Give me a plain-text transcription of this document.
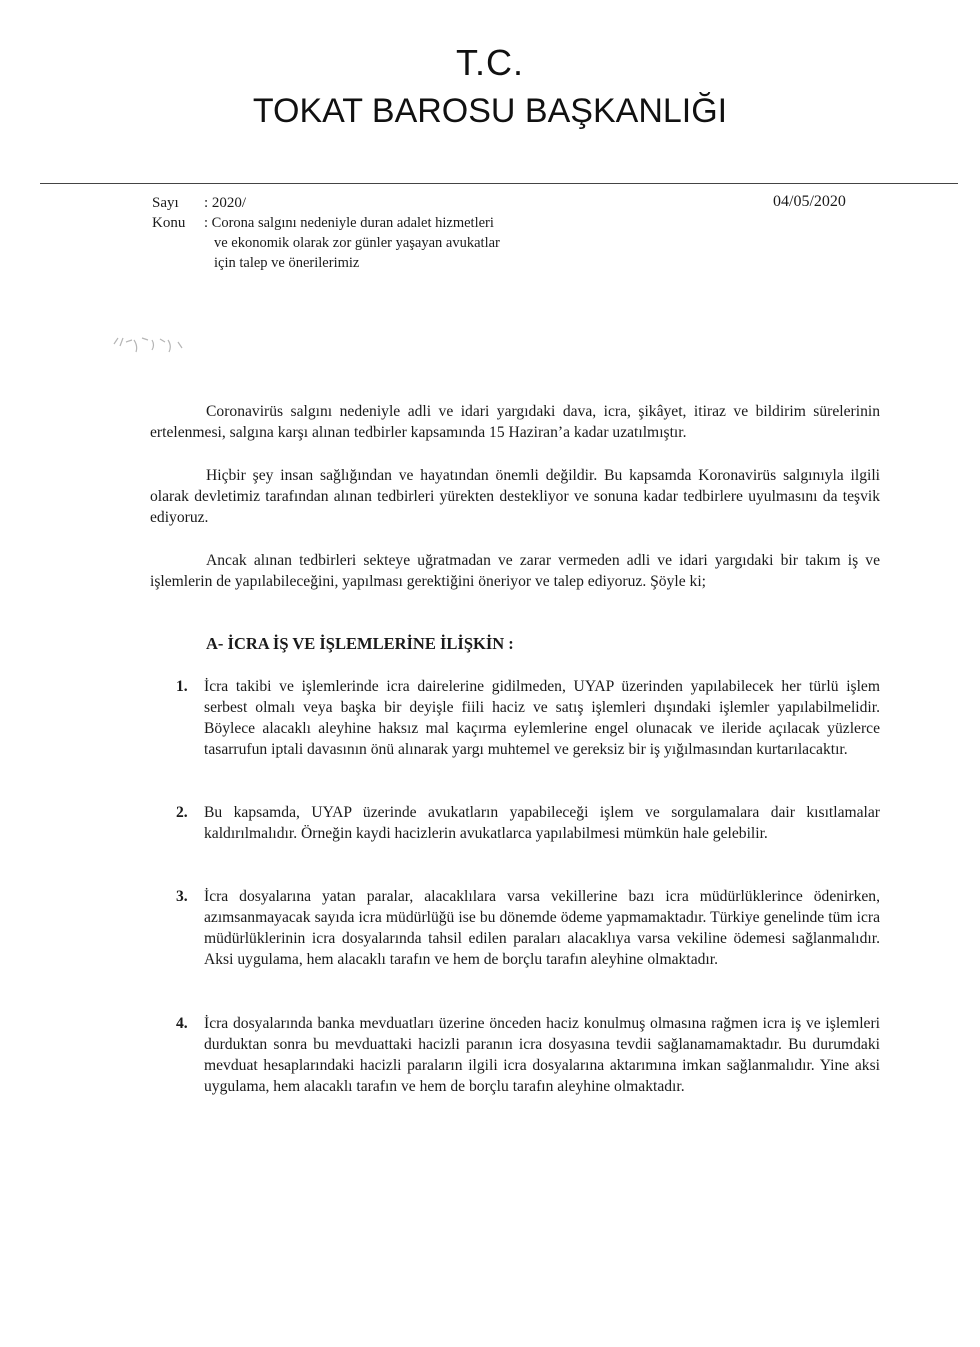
T.C.
TOKAT BAROSU BAŞKANLIĞI
Sayı	: 2020/
Konu	: Corona salgını nedeniyle duran adalet hizmetleri
ve ekonomik olarak zor günler yaşayan avukatlar
için talep ve önerilerimiz
04/05/2020
Coronavirüs salgını nedeniyle adli ve idari yargıdaki dava, icra, şikâyet, itiraz ve bildirim sürelerinin ertelenmesi, salgına karşı alınan tedbirler kapsamında 15 Haziran’a kadar uzatılmıştır.
Hiçbir şey insan sağlığından ve hayatından önemli değildir. Bu kapsamda Koronavirüs salgınıyla ilgili olarak devletimiz tarafından alınan tedbirleri yürekten destekliyor ve sonuna kadar tedbirlere uyulmasını da teşvik ediyoruz.
Ancak alınan tedbirleri sekteye uğratmadan ve zarar vermeden adli ve idari yargıdaki bir takım iş ve işlemlerin de yapılabileceğini, yapılması gerektiğini öneriyor ve talep ediyoruz. Şöyle ki;
A- İCRA İŞ VE İŞLEMLERİNE İLİŞKİN :
1.	İcra takibi ve işlemlerinde icra dairelerine gidilmeden, UYAP üzerinden yapılabilecek her türlü işlem serbest olmalı veya başka bir deyişle fiili haciz ve satış işlemleri dışındaki işlemler yapılabilmelidir. Böylece alacaklı aleyhine haksız mal kaçırma eylemlerine engel olunacak ve ileride açılacak yüzlerce tasarrufun iptali davasının önü alınarak yargı muhtemel ve gereksiz bir iş yığılmasından kurtarılacaktır.
2.	Bu kapsamda, UYAP üzerinde avukatların yapabileceği işlem ve sorgulamalara dair kısıtlamalar kaldırılmalıdır. Örneğin kaydi hacizlerin avukatlarca yapılabilmesi mümkün hale gelebilir.
3.	İcra dosyalarına yatan paralar, alacaklılara varsa vekillerine bazı icra müdürlüklerince ödenirken, azımsanmayacak sayıda icra müdürlüğü ise bu dönemde ödeme yapmamaktadır. Türkiye genelinde tüm icra müdürlüklerinin icra dosyalarında tahsil edilen paraları alacaklıya varsa vekiline ödemesi sağlanmalıdır. Aksi uygulama, hem alacaklı tarafın ve hem de borçlu tarafın aleyhine olmaktadır.
4.	İcra dosyalarında banka mevduatları üzerine önceden haciz konulmuş olmasına rağmen icra iş ve işlemleri durduktan sonra bu mevduattaki hacizli paranın icra dosyasına tevdii sağlanamamaktadır. Bu durumdaki mevduat hesaplarındaki hacizli paraların ilgili icra dosyalarına aktarımına imkan sağlanmalıdır. Yine aksi uygulama, hem alacaklı tarafın ve hem de borçlu tarafın aleyhine olmaktadır.
